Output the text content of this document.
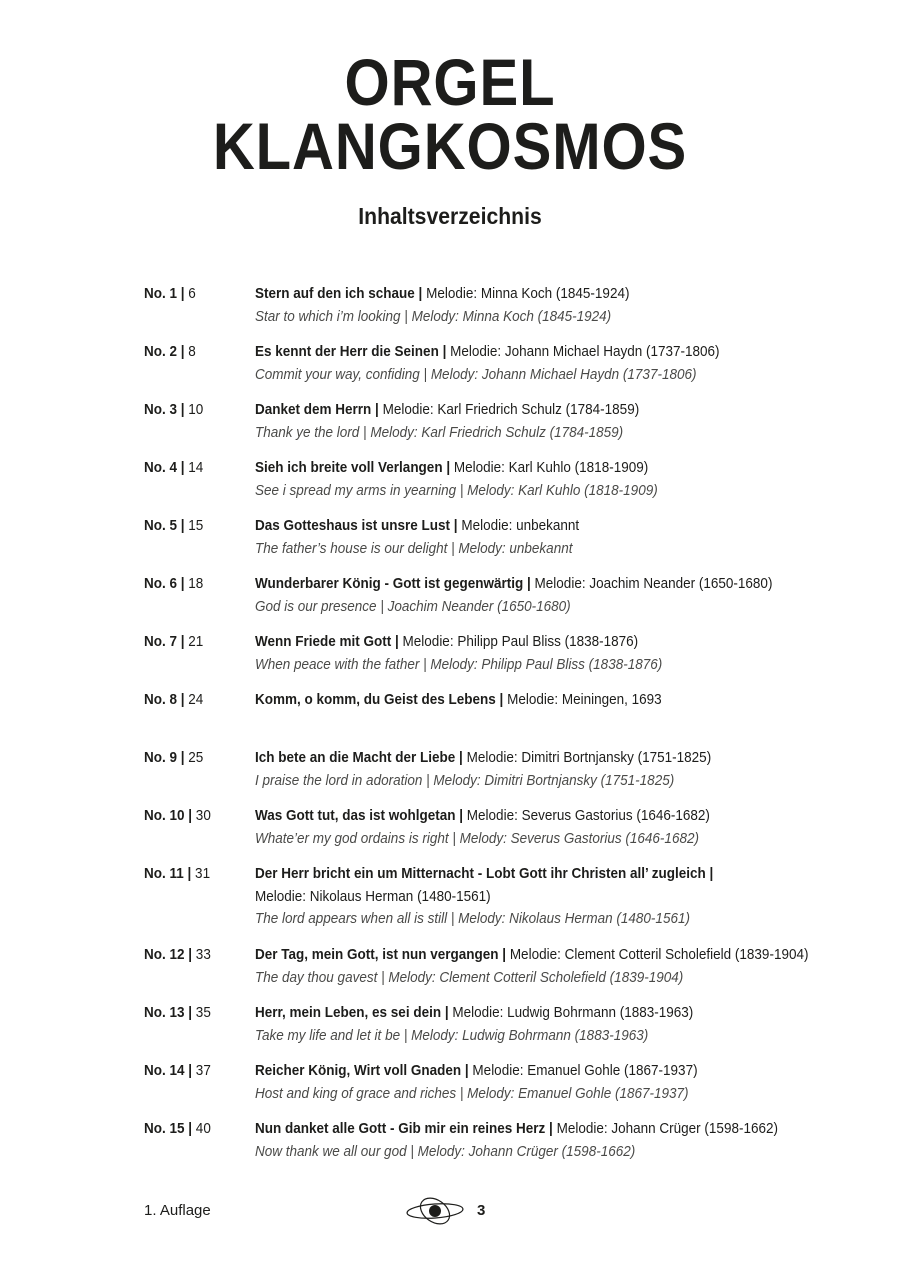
ORGEL
KLANGKOSMOS
Inhaltsverzeichnis
No. 1 | 6	Stern auf den ich schaue | Melodie: Minna Koch (1845-1924)
Star to which i’m looking | Melody: Minna Koch (1845-1924)
No. 2 | 8	Es kennt der Herr die Seinen | Melodie: Johann Michael Haydn (1737-1806)
Commit your way, confiding | Melody: Johann Michael Haydn (1737-1806)
No. 3 | 10	Danket dem Herrn | Melodie: Karl Friedrich Schulz (1784-1859)
Thank ye the lord | Melody: Karl Friedrich Schulz (1784-1859)
No. 4 | 14	Sieh ich breite voll Verlangen | Melodie: Karl Kuhlo (1818-1909)
See i spread my arms in yearning | Melody: Karl Kuhlo (1818-1909)
No. 5 | 15	Das Gotteshaus ist unsre Lust | Melodie: unbekannt
The father’s house is our delight | Melody: unbekannt
No. 6 | 18	Wunderbarer König - Gott ist gegenwärtig | Melodie: Joachim Neander (1650-1680)
God is our presence | Joachim Neander (1650-1680)
No. 7 | 21	Wenn Friede mit Gott | Melodie: Philipp Paul Bliss (1838-1876)
When peace with the father | Melody: Philipp Paul Bliss (1838-1876)
No. 8 | 24	Komm, o komm, du Geist des Lebens | Melodie: Meiningen, 1693

No. 9 | 25	Ich bete an die Macht der Liebe | Melodie: Dimitri Bortnjansky (1751-1825)
I praise the lord in adoration | Melody: Dimitri Bortnjansky (1751-1825)
No. 10 | 30	Was Gott tut, das ist wohlgetan | Melodie: Severus Gastorius (1646-1682)
Whate’er my god ordains is right | Melody: Severus Gastorius (1646-1682)
No. 11 | 31	Der Herr bricht ein um Mitternacht - Lobt Gott ihr Christen all’ zugleich |
Melodie: Nikolaus Herman (1480-1561)
The lord appears when all is still | Melody: Nikolaus Herman (1480-1561)
No. 12 | 33	Der Tag, mein Gott, ist nun vergangen | Melodie: Clement Cotteril Scholefield (1839-1904)
The day thou gavest | Melody: Clement Cotteril Scholefield (1839-1904)
No. 13 | 35	Herr, mein Leben, es sei dein | Melodie: Ludwig Bohrmann (1883-1963)
Take my life and let it be | Melody: Ludwig Bohrmann (1883-1963)
No. 14 | 37	Reicher König, Wirt voll Gnaden | Melodie: Emanuel Gohle (1867-1937)
Host and king of grace and riches | Melody: Emanuel Gohle (1867-1937)
No. 15 | 40	Nun danket alle Gott - Gib mir ein reines Herz | Melodie: Johann Crüger (1598-1662)
Now thank we all our god | Melody: Johann Crüger (1598-1662)
1. Auflage	3
